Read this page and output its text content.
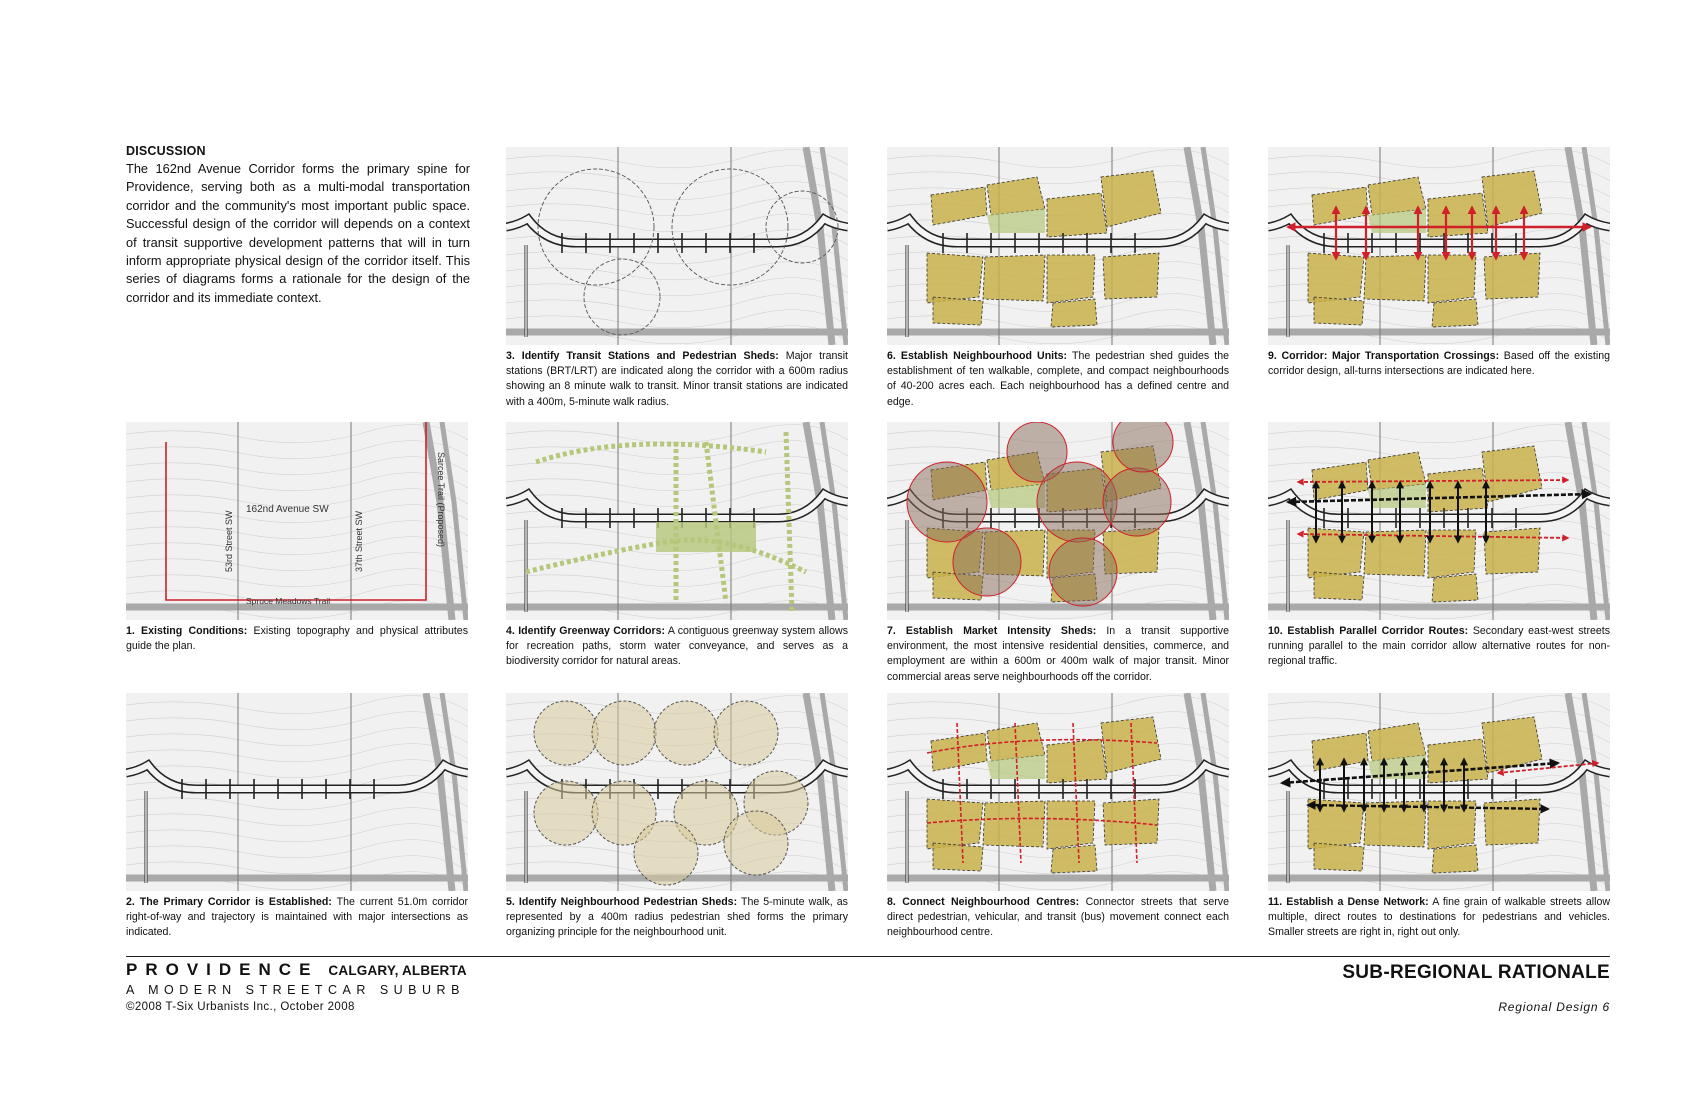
DISCUSSION

The 162nd Avenue Corridor forms the primary spine for Providence, serving both as a multi-modal transportation corridor and the community's most important public space. Successful design of the corridor will depends on a context of transit supportive development patterns that will in turn inform appropriate physical design of the corridor itself. This series of diagrams forms a rationale for the design of the corridor and its immediate context.

162nd Avenue SW
53rd Street SW	37th Street SW
Spruce Meadows Trail
Sarcee Trail (Proposed)
1. Existing Conditions: Existing topography and physical attributes guide the plan.
2. The Primary Corridor is Established: The current 51.0m corridor right-of-way and trajectory is maintained with major intersections as indicated.
3. Identify Transit Stations and Pedestrian Sheds: Major transit stations (BRT/LRT) are indicated along the corridor with a 600m radius showing an 8 minute walk to transit. Minor transit stations are indicated with a 400m, 5-minute walk radius.
4. Identify Greenway Corridors: A contiguous greenway system allows for recreation paths, storm water conveyance, and serves as a biodiversity corridor for natural areas.
5. Identify Neighbourhood Pedestrian Sheds: The 5-minute walk, as represented by a 400m radius pedestrian shed forms the primary organizing principle for the neighbourhood unit.
6. Establish Neighbourhood Units: The pedestrian shed guides the establishment of ten walkable, complete, and compact neighbourhoods of 40-200 acres each. Each neighbourhood has a defined centre and edge.
7. Establish Market Intensity Sheds: In a transit supportive environment, the most intensive residential densities, commerce, and employment are within a 600m or 400m walk of major transit. Minor commercial areas serve neighbourhoods off the corridor.
8. Connect Neighbourhood Centres: Connector streets that serve direct pedestrian, vehicular, and transit (bus) movement connect each neighbourhood centre.
9. Corridor: Major Transportation Crossings: Based off the existing corridor design, all-turns intersections are indicated here.
10. Establish Parallel Corridor Routes: Secondary east-west streets running parallel to the main corridor allow alternative routes for non-regional traffic.
11. Establish a Dense Network: A fine grain of walkable streets allow multiple, direct routes to destinations for pedestrians and vehicles. Smaller streets are right in, right out only.
PROVIDENCE CALGARY, ALBERTA
A MODERN STREETCAR SUBURB
©2008 T-Six Urbanists Inc., October 2008
SUB-REGIONAL RATIONALE
Regional Design 6
